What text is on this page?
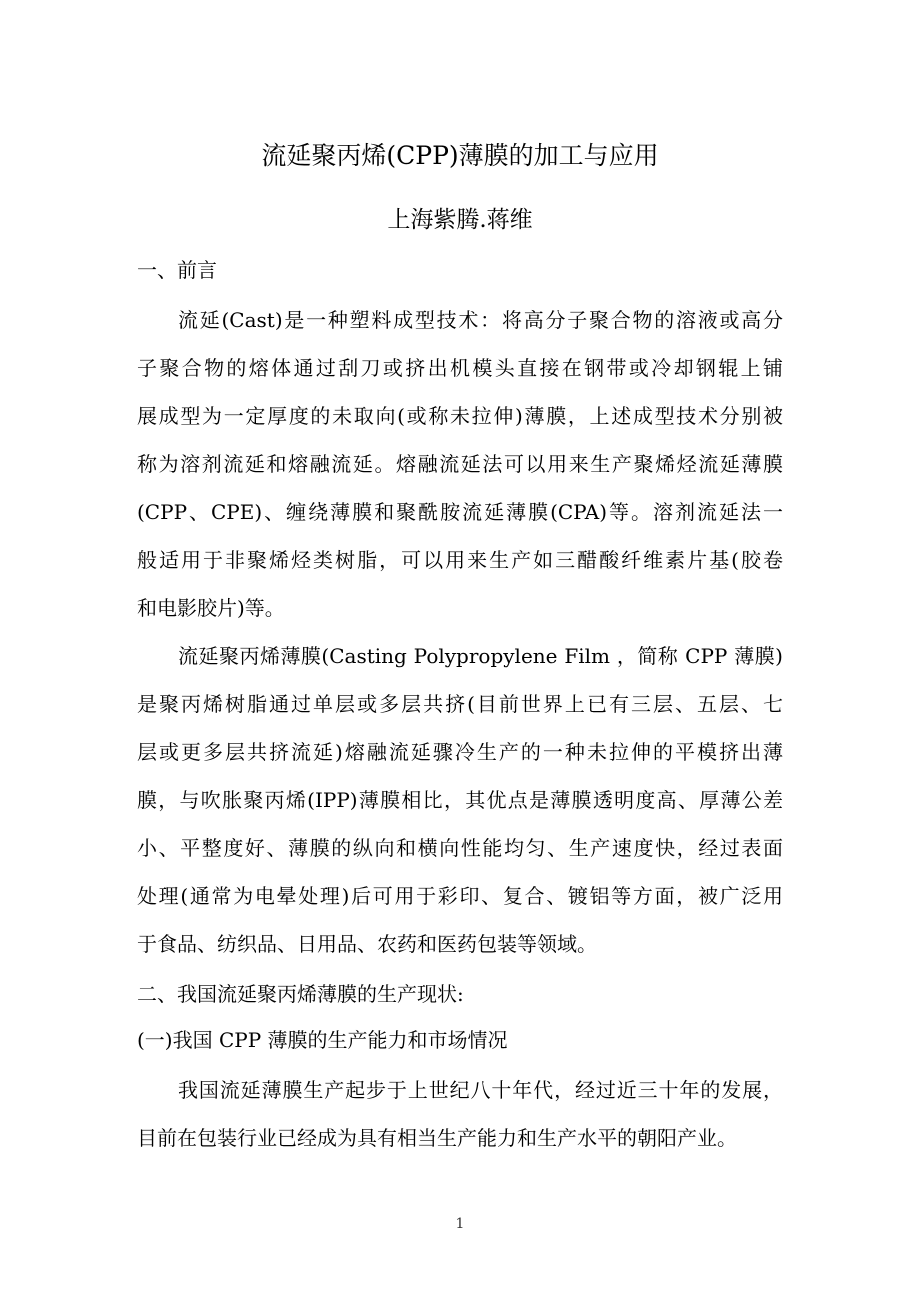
流延聚丙烯(CPP)薄膜的加工与应用
上海紫腾.蒋维
一、前言
流延(Cast)是一种塑料成型技术：将高分子聚合物的溶液或高分
子聚合物的熔体通过刮刀或挤出机模头直接在钢带或冷却钢辊上铺
展成型为一定厚度的未取向(或称未拉伸)薄膜，上述成型技术分别被
称为溶剂流延和熔融流延。熔融流延法可以用来生产聚烯烃流延薄膜
(CPP、CPE)、缠绕薄膜和聚酰胺流延薄膜(CPA)等。溶剂流延法一
般适用于非聚烯烃类树脂，可以用来生产如三醋酸纤维素片基(胶卷
和电影胶片)等。
流延聚丙烯薄膜(Casting Polypropylene Film ，简称 CPP 薄膜)
是聚丙烯树脂通过单层或多层共挤(目前世界上已有三层、五层、七
层或更多层共挤流延)熔融流延骤冷生产的一种未拉伸的平模挤出薄
膜，与吹胀聚丙烯(IPP)薄膜相比，其优点是薄膜透明度高、厚薄公差
小、平整度好、薄膜的纵向和横向性能均匀、生产速度快，经过表面
处理(通常为电晕处理)后可用于彩印、复合、镀铝等方面，被广泛用
于食品、纺织品、日用品、农药和医药包装等领域。
二、我国流延聚丙烯薄膜的生产现状:
(一)我国 CPP 薄膜的生产能力和市场情况
我国流延薄膜生产起步于上世纪八十年代，经过近三十年的发展，
目前在包装行业已经成为具有相当生产能力和生产水平的朝阳产业。
1
